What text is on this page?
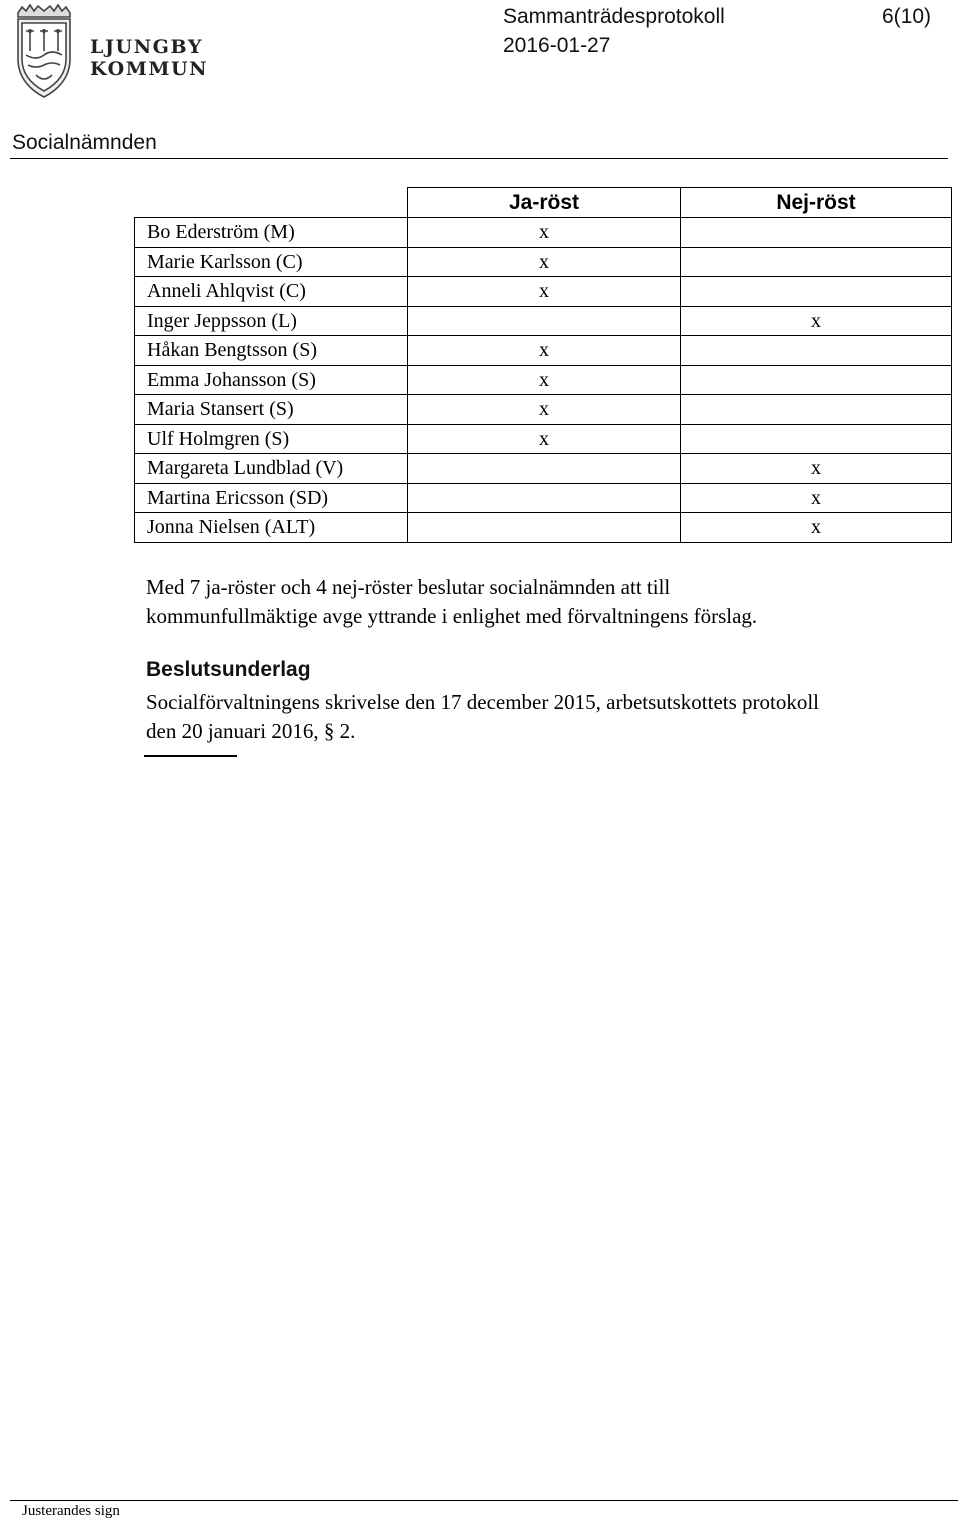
LJUNGBY
KOMMUN
Sammanträdesprotokoll	6(10)
2016-01-27
Socialnämnden
	Ja-röst	Nej-röst
Bo Ederström (M)	x	
Marie Karlsson (C)	x	
Anneli Ahlqvist (C)	x	
Inger Jeppsson (L)		x
Håkan Bengtsson (S)	x	
Emma Johansson (S)	x	
Maria Stansert (S)	x	
Ulf Holmgren (S)	x	
Margareta Lundblad (V)		x
Martina Ericsson (SD)		x
Jonna Nielsen (ALT)		x
Med 7 ja-röster och 4 nej-röster beslutar socialnämnden att till
kommunfullmäktige avge yttrande i enlighet med förvaltningens förslag.
Beslutsunderlag
Socialförvaltningens skrivelse den 17 december 2015, arbetsutskottets protokoll
den 20 januari 2016, § 2.
Justerandes sign
